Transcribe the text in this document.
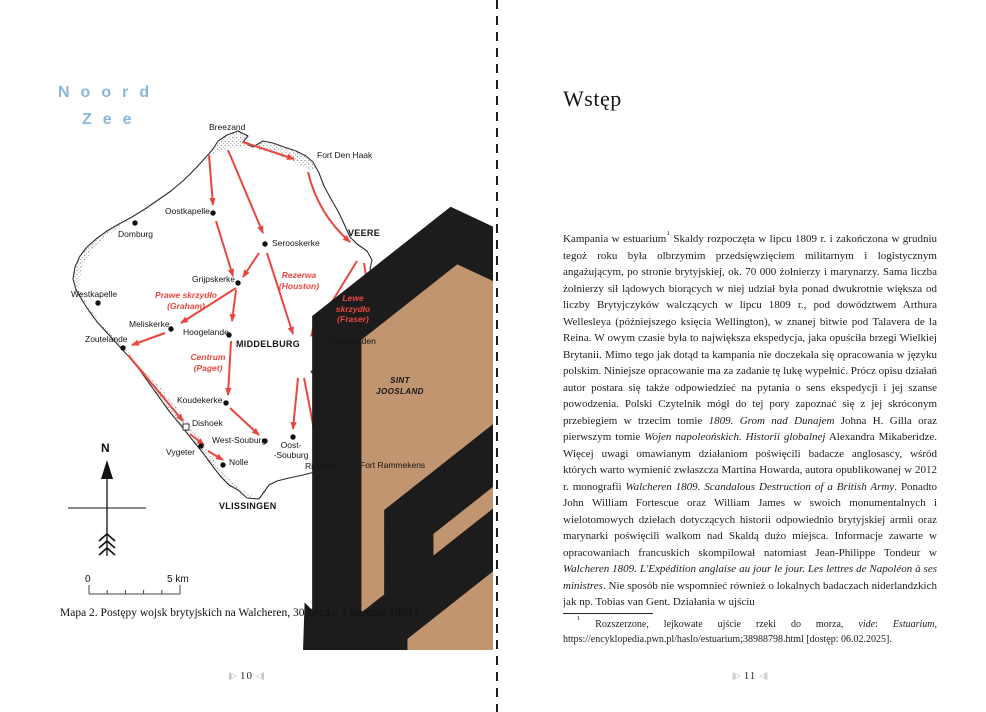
Noord
Zee	Breezand
Fort Den Haak
Oostkapelle
Domburg
Serooskerke
VEERE
Grijpskerke
Westkapelle
Meliskerke
Hoogelande
Zoutelande	MIDDELBURG	Arnemuiden
SINT
JOOSLAND
Koudekerke
Dishoek
West-Souburg	Oost-
-Souburg
Ritthem	Fort Rammekens
Vygeter
Nolle
VLISSINGEN
Prawe skrzydło
(Graham)
Rezerwa
(Houston)
Lewe
skrzydło
(Fraser)
Centrum
(Paget)
N
0	5 km
Mapa 2. Postępy wojsk brytyjskich na Walcheren, 30 lipca – 1 sierpnia 1809 r.
‖▷ 10 ◁‖
Wstęp
Kampania w estuarium$^1$ Skaldy rozpoczęta w lipcu 1809 r. i zakończona w grudniu tegoż roku była olbrzymim przedsięwzięciem militarnym i logistycznym angażującym, po stronie brytyjskiej, ok. 70 000 żołnierzy i marynarzy. Sama liczba żołnierzy sił lądowych biorących w niej udział była ponad dwukrotnie większa od liczby Brytyjczyków walczących w lipcu 1809 r., pod dowództwem Arthura Wellesleya (późniejszego księcia Wellington), w znanej bitwie pod Talavera de la Reina. W owym czasie była to największa ekspedycja, jaka opuściła brzegi Wielkiej Brytanii. Mimo tego jak dotąd ta kampania nie doczekała się opracowania w języku polskim. Niniejsze opracowanie ma za zadanie tę lukę wypełnić. Prócz opisu działań autor postara się także odpowiedzieć na pytania o sens ekspedycji i jej szanse powodzenia. Polski Czytelnik mógł do tej pory zapoznać się z jej skróconym przebiegiem w trzecim tomie 1809. Grom nad Dunajem Johna H. Gilla oraz pierwszym tomie Wojen napoleońskich. Historii globalnej Alexandra Mikaberidze. Więcej uwagi omawianym działaniom poświęcili badacze anglosascy, wśród których warto wymienić zwłaszcza Martina Howarda, autora opublikowanej w 2012 r. monografii Walcheren 1809. Scandalous Destruction of a British Army. Ponadto John William Fortescue oraz William James w swoich monumentalnych i wielotomowych dziełach dotyczących historii odpowiednio brytyjskiej armii oraz marynarki poświęcili walkom nad Skaldą dużo miejsca. Informacje zawarte w opracowaniach francuskich skompilował natomiast Jean-Philippe Tondeur w Walcheren 1809. L'Expédition anglaise au jour le jour. Les lettres de Napoléon à ses ministres. Nie sposób nie wspomnieć również o lokalnych badaczach niderlandzkich jak np. Tobias van Gent. Działania w ujściu
$^1$ Rozszerzone, lejkowate ujście rzeki do morza, vide: Estuarium, https://encyklopedia.pwn.pl/haslo/estuarium;38988798.html [dostęp: 06.02.2025].
‖▷ 11 ◁‖
